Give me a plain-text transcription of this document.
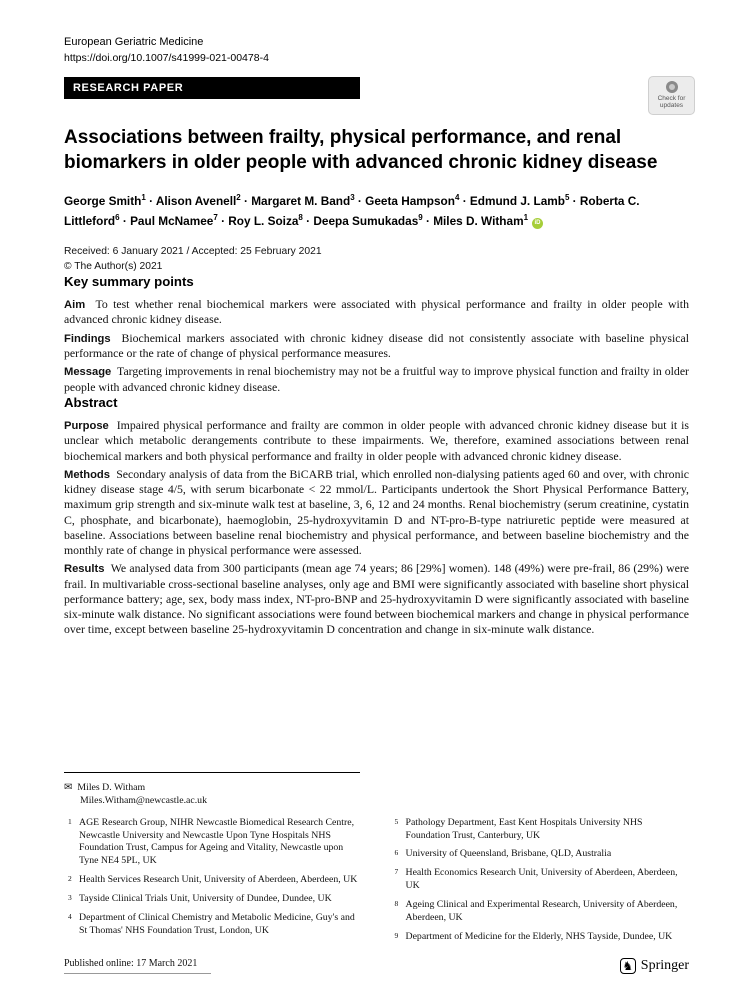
European Geriatric Medicine
https://doi.org/10.1007/s41999-021-00478-4
RESEARCH PAPER
Check for
updates
Associations between frailty, physical performance, and renal biomarkers in older people with advanced chronic kidney disease
George Smith$^1$ · Alison Avenell$^2$ · Margaret M. Band$^3$ · Geeta Hampson$^4$ · Edmund J. Lamb$^5$ · Roberta C. Littleford$^6$ · Paul McNamee$^7$ · Roy L. Soiza$^8$ · Deepa Sumukadas$^9$ · Miles D. Witham$^1$iD
Received: 6 January 2021 / Accepted: 25 February 2021
© The Author(s) 2021
Key summary points

Aim  To test whether renal biochemical markers were associated with physical performance and frailty in older people with advanced chronic kidney disease.

Findings  Biochemical markers associated with chronic kidney disease did not consistently associate with baseline physical performance or the rate of change of physical performance measures.

Message  Targeting improvements in renal biochemistry may not be a fruitful way to improve physical function and frailty in older people with advanced chronic kidney disease.

Abstract

Purpose  Impaired physical performance and frailty are common in older people with advanced chronic kidney disease but it is unclear which metabolic derangements contribute to these impairments. We, therefore, examined associations between renal biochemical markers and both physical performance and frailty in older people with advanced chronic kidney disease.

Methods  Secondary analysis of data from the BiCARB trial, which enrolled non-dialysing patients aged 60 and over, with chronic kidney disease stage 4/5, with serum bicarbonate < 22 mmol/L. Participants undertook the Short Physical Performance Battery, maximum grip strength and six-minute walk test at baseline, 3, 6, 12 and 24 months. Renal biochemistry (serum creatinine, cystatin C, phosphate, and bicarbonate), haemoglobin, 25-hydroxyvitamin D and NT-pro-B-type natriuretic peptide were measured at baseline. Associations between baseline renal biochemistry and physical performance, and between baseline biochemistry and the monthly rate of change in physical performance were assessed.

Results  We analysed data from 300 participants (mean age 74 years; 86 [29%] women). 148 (49%) were pre-frail, 86 (29%) were frail. In multivariable cross-sectional baseline analyses, only age and BMI were significantly associated with baseline short physical performance battery; age, sex, body mass index, NT-pro-BNP and 25-hydroxyvitamin D were significantly associated with baseline six-minute walk distance. No significant associations were found between biochemical markers and change in physical performance over time, except between baseline 25-hydroxyvitamin D concentration and change in six-minute walk distance.

✉ Miles D. Witham
Miles.Witham@newcastle.ac.uk
1 AGE Research Group, NIHR Newcastle Biomedical Research Centre, Newcastle University and Newcastle Upon Tyne Hospitals NHS Foundation Trust, Campus for Ageing and Vitality, Newcastle upon Tyne NE4 5PL, UK
2 Health Services Research Unit, University of Aberdeen, Aberdeen, UK
3 Tayside Clinical Trials Unit, University of Dundee, Dundee, UK
4 Department of Clinical Chemistry and Metabolic Medicine, Guy's and St Thomas' NHS Foundation Trust, London, UK
5 Pathology Department, East Kent Hospitals University NHS Foundation Trust, Canterbury, UK
6 University of Queensland, Brisbane, QLD, Australia
7 Health Economics Research Unit, University of Aberdeen, Aberdeen, UK
8 Ageing Clinical and Experimental Research, University of Aberdeen, Aberdeen, UK
9 Department of Medicine for the Elderly, NHS Tayside, Dundee, UK
Published online: 17 March 2021	♞ Springer
